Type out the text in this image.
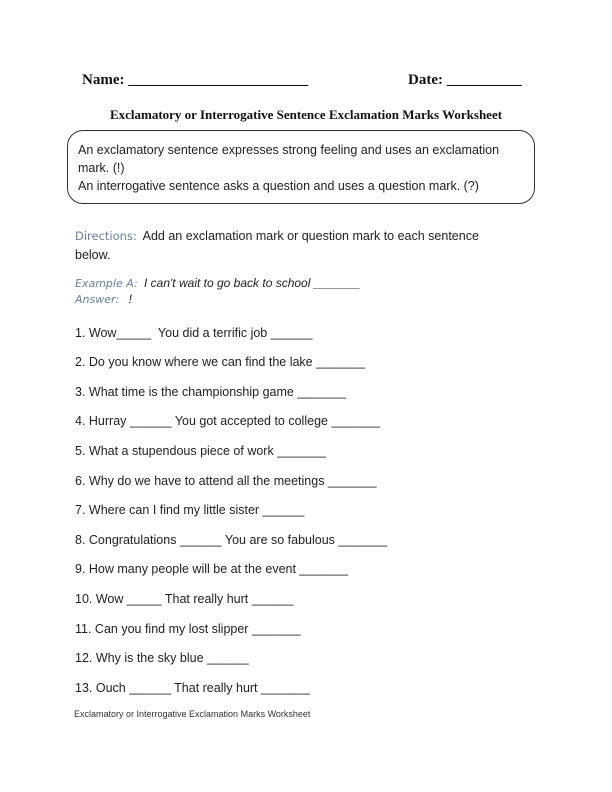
Name: ________________________	Date: __________
Exclamatory or Interrogative Sentence Exclamation Marks Worksheet

An exclamatory sentence expresses strong feeling and uses an exclamation mark. (!)

An interrogative sentence asks a question and uses a question mark. (?)

Directions: Add an exclamation mark or question mark to each sentence below.
Example A: I can't wait to go back to school _______
Answer: !
1. Wow_____  You did a terrific job ______
2. Do you know where we can find the lake _______
3. What time is the championship game _______
4. Hurray ______ You got accepted to college _______
5. What a stupendous piece of work _______
6. Why do we have to attend all the meetings _______
7. Where can I find my little sister ______
8. Congratulations ______ You are so fabulous _______
9. How many people will be at the event _______
10. Wow _____ That really hurt ______
11. Can you find my lost slipper _______
12. Why is the sky blue ______
13. Ouch ______ That really hurt _______
Exclamatory or Interrogative Exclamation Marks Worksheet
